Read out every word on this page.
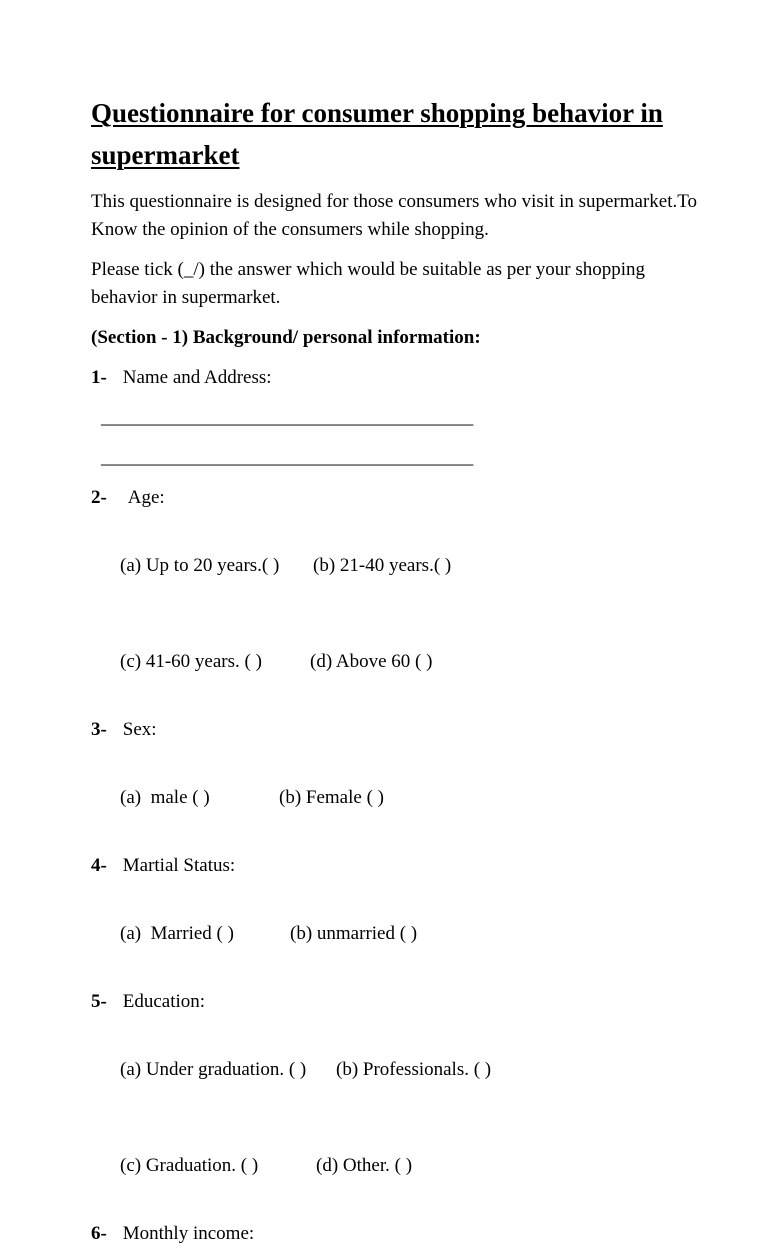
Questionnaire for consumer shopping behavior in supermarket
This questionnaire is designed for those consumers who visit in supermarket.To Know the opinion of the consumers while shopping.
Please tick (_/) the answer which would be suitable as per your shopping behavior in supermarket.
(Section - 1) Background/ personal information:
1- Name and Address:
________________________________________
________________________________________
2- Age:

(a) Up to 20 years.( ) (b) 21-40 years.( )

(c) 41-60 years. ( )	(d) Above 60 ( )

3- Sex:

(a)  male ( )	(b) Female ( )

4- Martial Status:

(a)  Married ( )	(b) unmarried ( )

5- Education:

(a) Under graduation. ( ) (b) Professionals. ( )

(c) Graduation. ( )	(d) Other. ( )

6- Monthly income:
